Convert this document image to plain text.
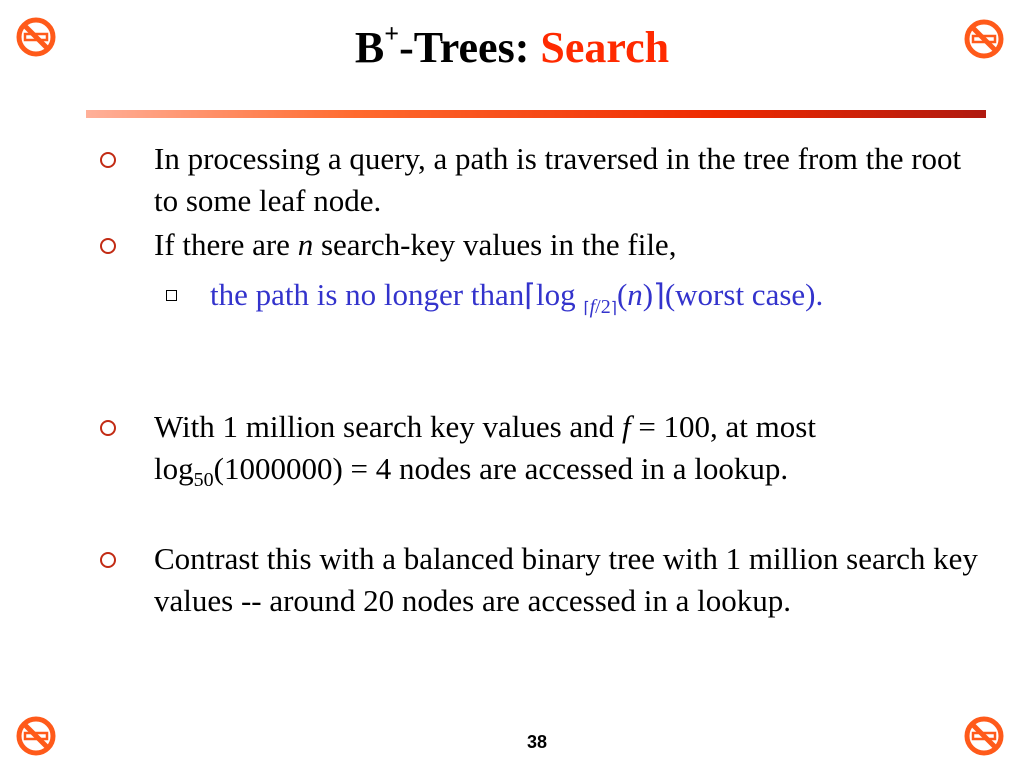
B+-Trees: Search
In processing a query, a path is traversed in the tree from the root to some leaf node.
If there are n search-key values in the file,
the path is no longer than⌈log $_{⌈f/2⌉}$(n)⌉(worst case).
With 1 million search key values and f = 100, at most $\log_{50}(1000000) = 4$ nodes are accessed in a lookup.
Contrast this with a balanced binary tree with 1 million search key values -- around 20 nodes are accessed in a lookup.
38
